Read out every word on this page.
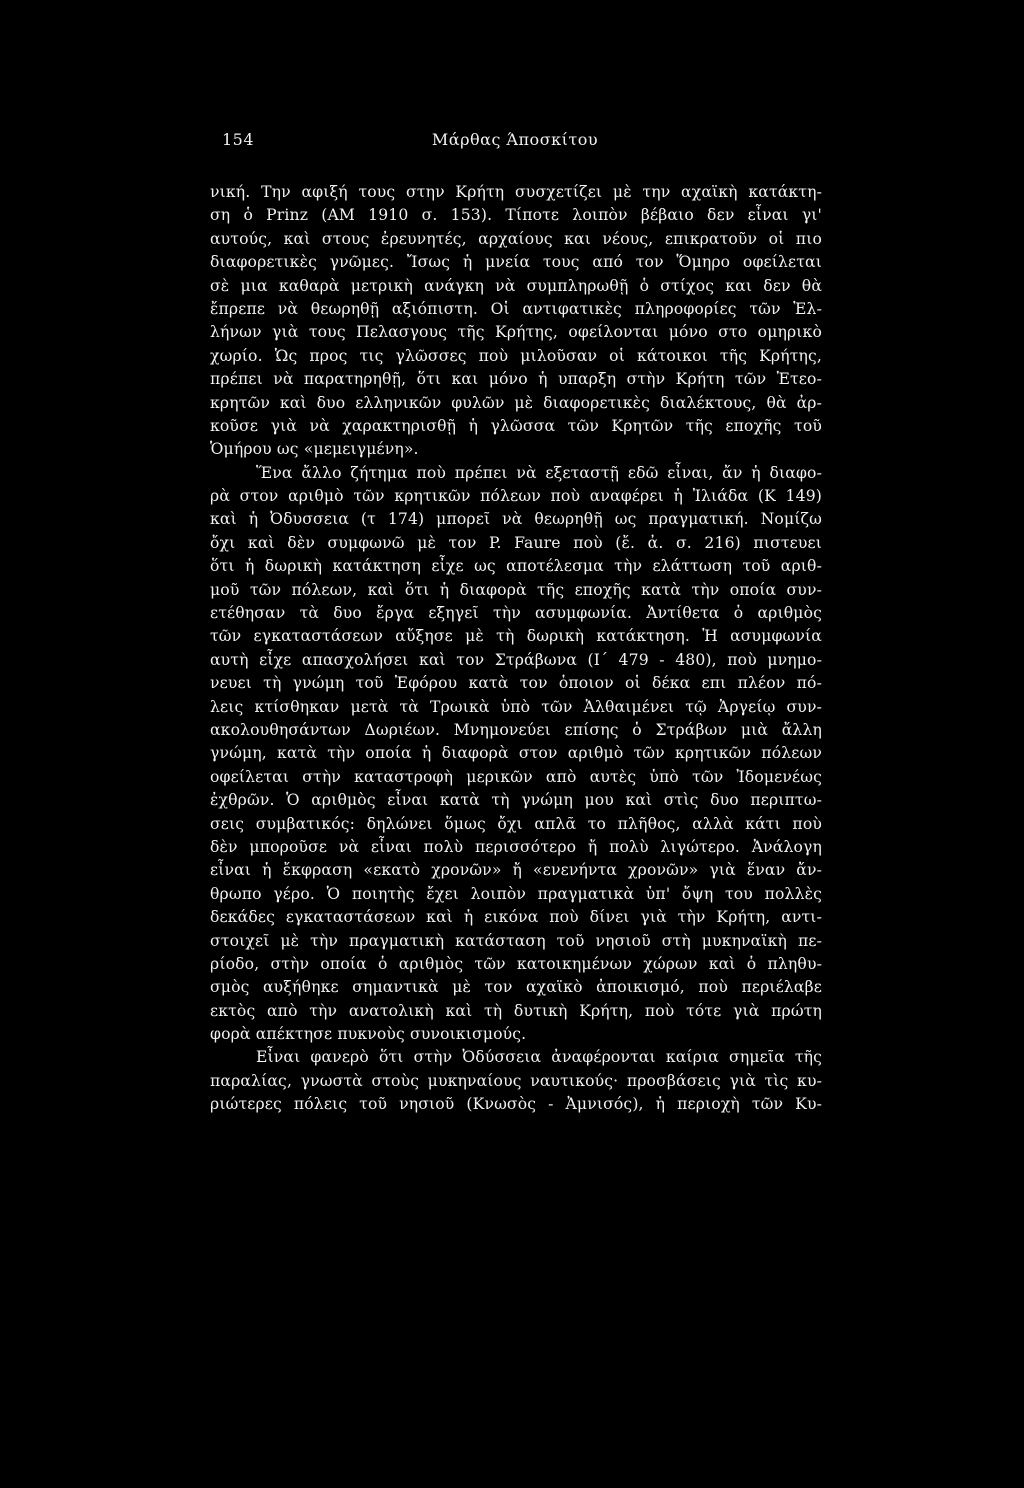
154	Μάρθας Άποσκίτου
νική. Την αφιξή τους στην Κρήτη συσχετίζει μὲ την αχαϊκὴ κατάκτη-
ση ὁ Prinz (AM 1910 σ. 153). Τίποτε λοιπὸν βέβαιο δεν εἶναι γι'
αυτούς, καὶ στους ἐρευνητές, αρχαίους και νέους, επικρατοῦν οἱ πιο
διαφορετικὲς γνῶμες. Ἴσως ἡ μνεία τους από τον Ὅμηρο οφείλεται
σὲ μια καθαρὰ μετρικὴ ανάγκη νὰ συμπληρωθῇ ὁ στίχος και δεν θὰ
ἔπρεπε νὰ θεωρηθῇ αξιόπιστη. Οἱ αντιφατικὲς πληροφορίες τῶν Ἑλ-
λήνων γιὰ τους Πελασγους τῆς Κρήτης, οφείλονται μόνο στο ομηρικὸ
χωρίο. Ὡς προς τις γλῶσσες ποὺ μιλοῦσαν οἱ κάτοικοι τῆς Κρήτης,
πρέπει νὰ παρατηρηθῇ, ὅτι και μόνο ἡ υπαρξη στὴν Κρήτη τῶν Ἐτεο-
κρητῶν καὶ δυο ελληνικῶν φυλῶν μὲ διαφορετικὲς διαλέκτους, θὰ ἀρ-
κοῦσε γιὰ νὰ χαρακτηρισθῇ ἡ γλῶσσα τῶν Κρητῶν τῆς εποχῆς τοῦ
Ὁμήρου ως «μεμειγμένη».
Ἕνα ἄλλο ζήτημα ποὺ πρέπει νὰ εξεταστῇ εδῶ εἶναι, ἄν ἡ διαφο-
ρὰ στον αριθμὸ τῶν κρητικῶν πόλεων ποὺ αναφέρει ἡ Ἰλιάδα (Κ 149)
καὶ ἡ Ὀδυσσεια (τ 174) μπορεῖ νὰ θεωρηθῇ ως πραγματική. Νομίζω
ὄχι καὶ δὲν συμφωνῶ μὲ τον P. Faure ποὺ (ἔ. ἀ. σ. 216) πιστευει
ὅτι ἡ δωρικὴ κατάκτηση εἶχε ως αποτέλεσμα τὴν ελάττωση τοῦ αριθ-
μοῦ τῶν πόλεων, καὶ ὅτι ἡ διαφορὰ τῆς εποχῆς κατὰ τὴν οποία συν-
ετέθησαν τὰ δυο ἔργα εξηγεῖ τὴν ασυμφωνία. Ἀντίθετα ὁ αριθμὸς
τῶν εγκαταστάσεων αὔξησε μὲ τὴ δωρικὴ κατάκτηση. Ἡ ασυμφωνία
αυτὴ εἶχε απασχολήσει καὶ τον Στράβωνα (Ι΄ 479 - 480), ποὺ μνημο-
νευει τὴ γνώμη τοῦ Ἐφόρου κατὰ τον ὁποιον οἱ δέκα επι πλέον πό-
λεις κτίσθηκαν μετὰ τὰ Τρωικὰ ὑπὸ τῶν Ἀλθαιμένει τῷ Ἀργείῳ συν-
ακολουθησάντων Δωριέων. Μνημονεύει επίσης ὁ Στράβων μιὰ ἄλλη
γνώμη, κατὰ τὴν οποία ἡ διαφορὰ στον αριθμὸ τῶν κρητικῶν πόλεων
οφείλεται στὴν καταστροφὴ μερικῶν απὸ αυτὲς ὑπὸ τῶν Ἰδομενέως
ἐχθρῶν. Ὁ αριθμὸς εἶναι κατὰ τὴ γνώμη μου καὶ στὶς δυο περιπτω-
σεις συμβατικός: δηλώνει ὅμως ὄχι απλᾶ το πλῆθος, αλλὰ κάτι ποὺ
δὲν μποροῦσε νὰ εἶναι πολὺ περισσότερο ἤ πολὺ λιγώτερο. Ἀνάλογη
εἶναι ἡ ἔκφραση «εκατὸ χρονῶν» ἤ «ενενήντα χρονῶν» γιὰ ἕναν ἄν-
θρωπο γέρο. Ὁ ποιητὴς ἔχει λοιπὸν πραγματικὰ ὑπ' ὄψη του πολλὲς
δεκάδες εγκαταστάσεων καὶ ἡ εικόνα ποὺ δίνει γιὰ τὴν Κρήτη, αντι-
στοιχεῖ μὲ τὴν πραγματικὴ κατάσταση τοῦ νησιοῦ στὴ μυκηναϊκὴ πε-
ρίοδο, στὴν οποία ὁ αριθμὸς τῶν κατοικημένων χώρων καὶ ὁ πληθυ-
σμὸς αυξήθηκε σημαντικὰ μὲ τον αχαϊκὸ ἀποικισμό, ποὺ περιέλαβε
εκτὸς απὸ τὴν ανατολικὴ καὶ τὴ δυτικὴ Κρήτη, ποὺ τότε γιὰ πρώτη
φορὰ απέκτησε πυκνοὺς συνοικισμούς.
Εἶναι φανερὸ ὅτι στὴν Ὀδύσσεια ἀναφέρονται καίρια σημεῖα τῆς
παραλίας, γνωστὰ στοὺς μυκηναίους ναυτικούς· προσβάσεις γιὰ τὶς κυ-
ριώτερες πόλεις τοῦ νησιοῦ (Κνωσὸς - Ἀμνισός), ἡ περιοχὴ τῶν Κυ-
